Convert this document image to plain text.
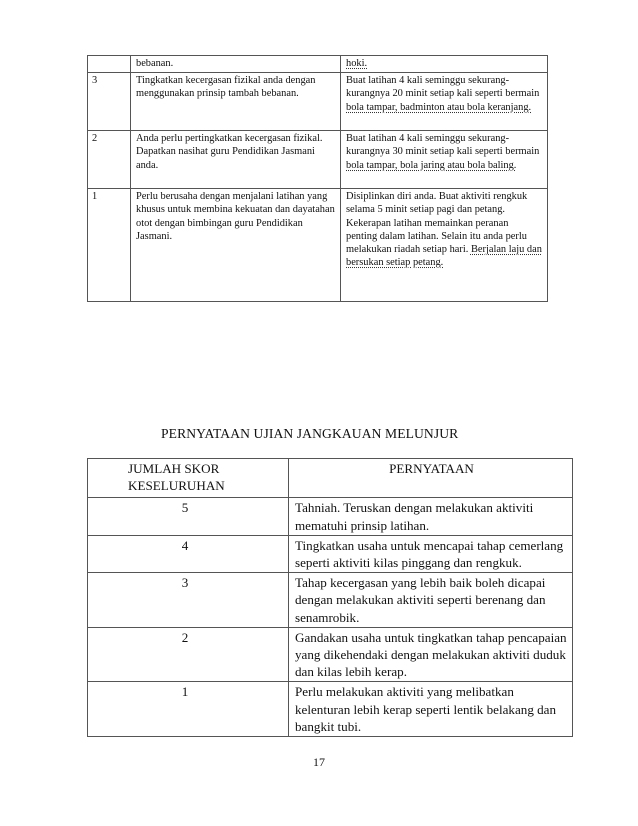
	bebanan.	hoki.
3	Tingkatkan kecergasan fizikal anda dengan menggunakan prinsip tambah bebanan.	Buat latihan 4 kali seminggu sekurang-kurangnya 20 minit setiap kali seperti bermain bola tampar, badminton atau bola keranjang.
2	Anda perlu pertingkatkan kecergasan fizikal. Dapatkan nasihat guru Pendidikan Jasmani anda.	Buat latihan 4 kali seminggu sekurang-kurangnya 30 minit setiap kali seperti bermain bola tampar, bola jaring atau bola baling.
1	Perlu berusaha dengan menjalani latihan yang khusus untuk membina kekuatan dan dayatahan otot dengan bimbingan guru Pendidikan Jasmani.	Disiplinkan diri anda. Buat aktiviti rengkuk selama 5 minit setiap pagi dan petang. Kekerapan latihan memainkan peranan penting dalam latihan. Selain itu anda perlu melakukan riadah setiap hari. Berjalan laju dan bersukan setiap petang.
PERNYATAAN UJIAN JANGKAUAN MELUNJUR
JUMLAH SKOR KESELURUHAN	PERNYATAAN
5	Tahniah. Teruskan dengan melakukan aktiviti mematuhi prinsip latihan.
4	Tingkatkan usaha untuk mencapai tahap cemerlang seperti aktiviti kilas pinggang dan rengkuk.
3	Tahap kecergasan yang lebih baik boleh dicapai dengan melakukan aktiviti seperti berenang dan senamrobik.
2	Gandakan usaha untuk tingkatkan tahap pencapaian yang dikehendaki dengan melakukan aktiviti duduk dan kilas lebih kerap.
1	Perlu melakukan aktiviti yang melibatkan kelenturan lebih kerap seperti lentik belakang dan bangkit tubi.
17
